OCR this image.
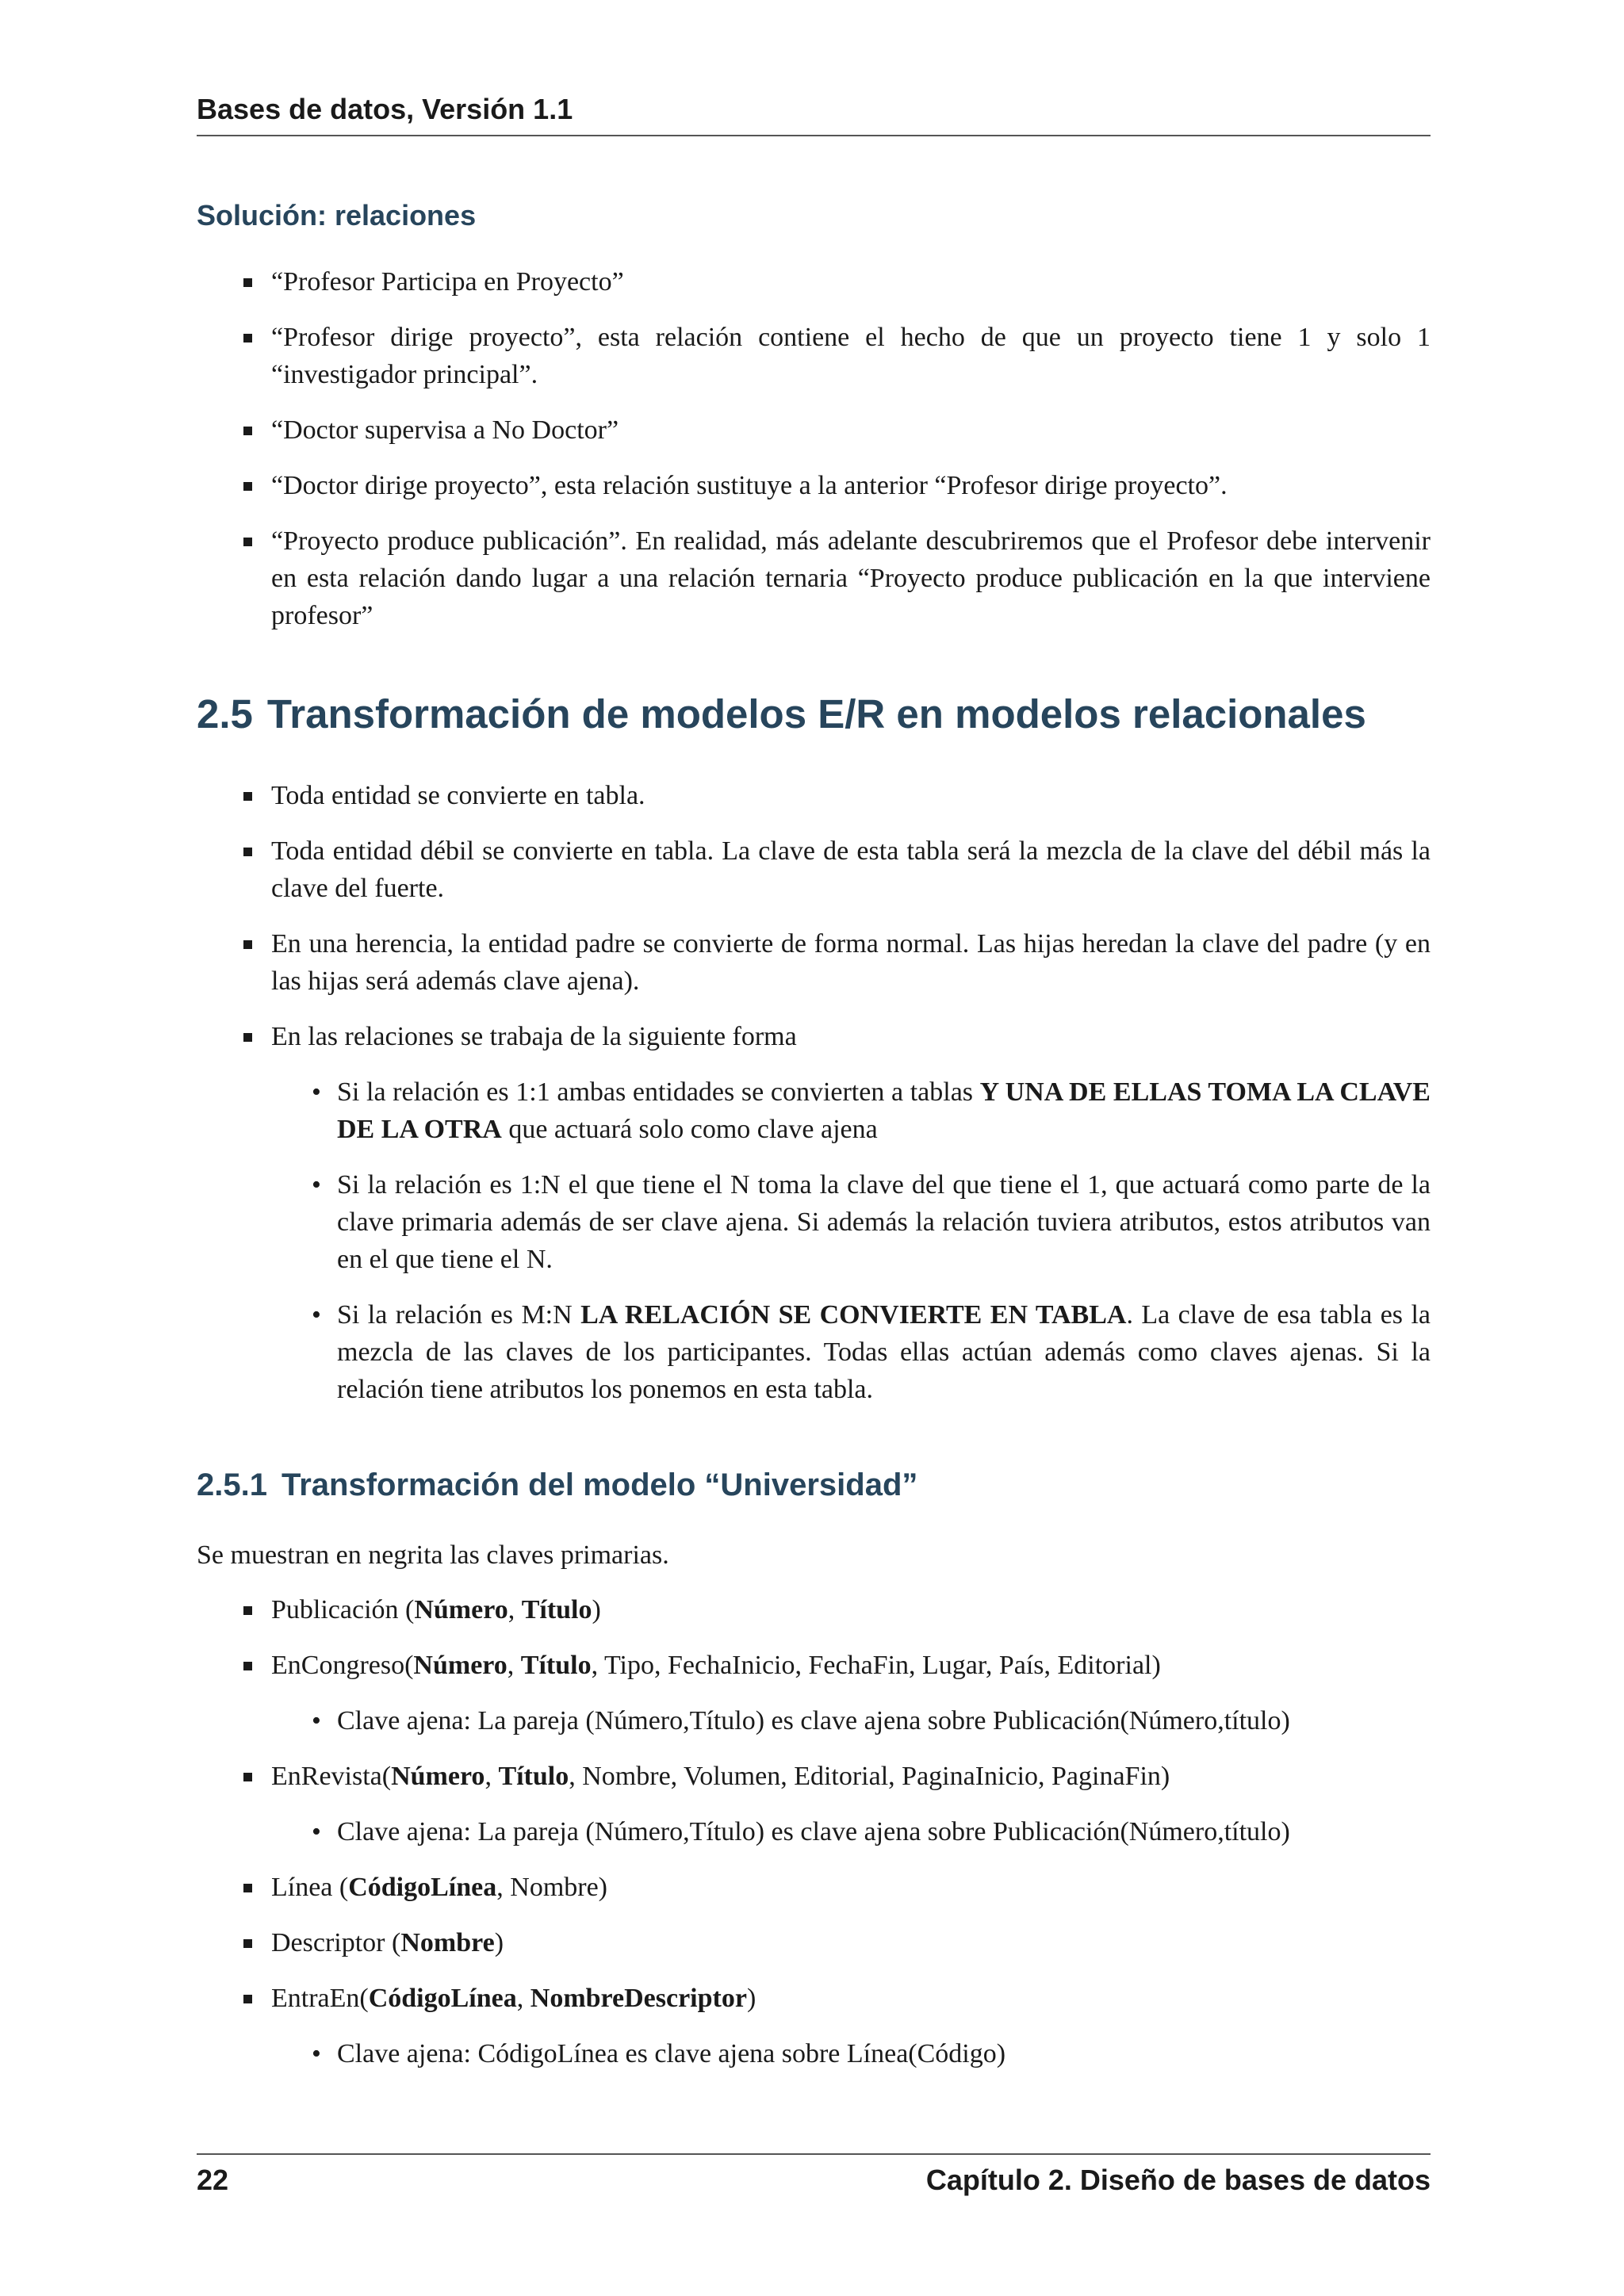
Bases de datos, Versión 1.1
Solución: relaciones
“Profesor Participa en Proyecto”
“Profesor dirige proyecto”, esta relación contiene el hecho de que un proyecto tiene 1 y solo 1 “investigador principal”.
“Doctor supervisa a No Doctor”
“Doctor dirige proyecto”, esta relación sustituye a la anterior “Profesor dirige proyecto”.
“Proyecto produce publicación”. En realidad, más adelante descubriremos que el Profesor debe intervenir en esta relación dando lugar a una relación ternaria “Proyecto produce publicación en la que interviene profesor”
2.5 Transformación de modelos E/R en modelos relacionales
Toda entidad se convierte en tabla.
Toda entidad débil se convierte en tabla. La clave de esta tabla será la mezcla de la clave del débil más la clave del fuerte.
En una herencia, la entidad padre se convierte de forma normal. Las hijas heredan la clave del padre (y en las hijas será además clave ajena).
En las relaciones se trabaja de la siguiente forma
• Si la relación es 1:1 ambas entidades se convierten a tablas Y UNA DE ELLAS TOMA LA CLAVE DE LA OTRA que actuará solo como clave ajena
• Si la relación es 1:N el que tiene el N toma la clave del que tiene el 1, que actuará como parte de la clave primaria además de ser clave ajena. Si además la relación tuviera atributos, estos atributos van en el que tiene el N.
• Si la relación es M:N LA RELACIÓN SE CONVIERTE EN TABLA. La clave de esa tabla es la mezcla de las claves de los participantes. Todas ellas actúan además como claves ajenas. Si la relación tiene atributos los ponemos en esta tabla.
2.5.1 Transformación del modelo “Universidad”

Se muestran en negrita las claves primarias.

Publicación (Número, Título)
EnCongreso(Número, Título, Tipo, FechaInicio, FechaFin, Lugar, País, Editorial)
• Clave ajena: La pareja (Número,Título) es clave ajena sobre Publicación(Número,título)
EnRevista(Número, Título, Nombre, Volumen, Editorial, PaginaInicio, PaginaFin)
• Clave ajena: La pareja (Número,Título) es clave ajena sobre Publicación(Número,título)
Línea (CódigoLínea, Nombre)
Descriptor (Nombre)
EntraEn(CódigoLínea, NombreDescriptor)
• Clave ajena: CódigoLínea es clave ajena sobre Línea(Código)
22	Capítulo 2. Diseño de bases de datos
